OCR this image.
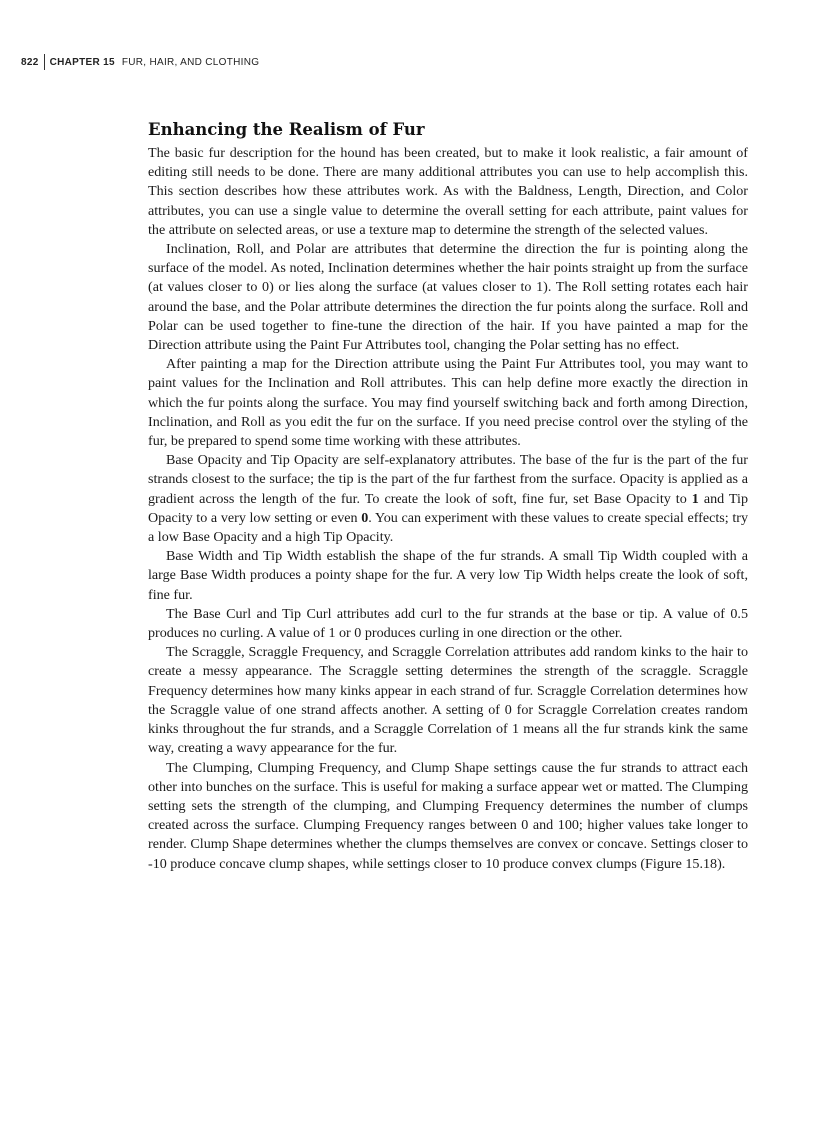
822	CHAPTER 15 FUR, HAIR, AND CLOTHING
Enhancing the Realism of Fur

The basic fur description for the hound has been created, but to make it look realistic, a fair amount of editing still needs to be done. There are many additional attributes you can use to help accomplish this. This section describes how these attributes work. As with the Baldness, Length, Direction, and Color attributes, you can use a single value to determine the overall setting for each attribute, paint values for the attribute on selected areas, or use a texture map to determine the strength of the selected values.

Inclination, Roll, and Polar are attributes that determine the direction the fur is pointing along the surface of the model. As noted, Inclination determines whether the hair points straight up from the surface (at values closer to 0) or lies along the surface (at values closer to 1). The Roll setting rotates each hair around the base, and the Polar attribute determines the direction the fur points along the surface. Roll and Polar can be used together to fine-tune the direction of the hair. If you have painted a map for the Direction attribute using the Paint Fur Attributes tool, changing the Polar setting has no effect.

After painting a map for the Direction attribute using the Paint Fur Attributes tool, you may want to paint values for the Inclination and Roll attributes. This can help define more exactly the direction in which the fur points along the surface. You may find yourself switching back and forth among Direction, Inclination, and Roll as you edit the fur on the surface. If you need precise control over the styling of the fur, be prepared to spend some time working with these attributes.

Base Opacity and Tip Opacity are self-explanatory attributes. The base of the fur is the part of the fur strands closest to the surface; the tip is the part of the fur farthest from the surface. Opacity is applied as a gradient across the length of the fur. To create the look of soft, fine fur, set Base Opacity to 1 and Tip Opacity to a very low setting or even 0. You can experiment with these values to create special effects; try a low Base Opacity and a high Tip Opacity.

Base Width and Tip Width establish the shape of the fur strands. A small Tip Width coupled with a large Base Width produces a pointy shape for the fur. A very low Tip Width helps create the look of soft, fine fur.

The Base Curl and Tip Curl attributes add curl to the fur strands at the base or tip. A value of 0.5 produces no curling. A value of 1 or 0 produces curling in one direction or the other.

The Scraggle, Scraggle Frequency, and Scraggle Correlation attributes add random kinks to the hair to create a messy appearance. The Scraggle setting determines the strength of the scraggle. Scraggle Frequency determines how many kinks appear in each strand of fur. Scraggle Correlation determines how the Scraggle value of one strand affects another. A setting of 0 for Scraggle Correlation creates random kinks throughout the fur strands, and a Scraggle Correlation of 1 means all the fur strands kink the same way, creating a wavy appearance for the fur.

The Clumping, Clumping Frequency, and Clump Shape settings cause the fur strands to attract each other into bunches on the surface. This is useful for making a surface appear wet or matted. The Clumping setting sets the strength of the clumping, and Clumping Frequency determines the number of clumps created across the surface. Clumping Frequency ranges between 0 and 100; higher values take longer to render. Clump Shape determines whether the clumps themselves are convex or concave. Settings closer to -10 produce concave clump shapes, while settings closer to 10 produce convex clumps (Figure 15.18).
